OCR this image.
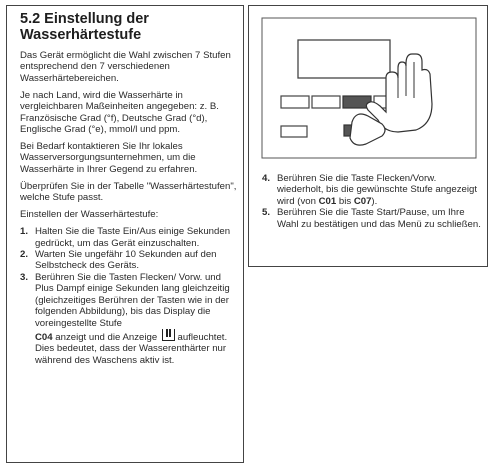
5.2 Einstellung der Wasserhärtestufe

Das Gerät ermöglicht die Wahl zwischen 7 Stufen entsprechend den 7 verschiedenen Wasserhärtebereichen.

Je nach Land, wird die Wasserhärte in vergleichbaren Maßeinheiten angegeben: z. B. Französische Grad (°f), Deutsche Grad (°d), Englische Grad (°e), mmol/l und ppm.

Bei Bedarf kontaktieren Sie Ihr lokales Wasserversorgungsunternehmen, um die Wasserhärte in Ihrer Gegend zu erfahren.

Überprüfen Sie in der Tabelle "Wasserhärtestufen", welche Stufe passt.

Einstellen der Wasserhärtestufe:

1. Halten Sie die Taste Ein/Aus einige Sekunden gedrückt, um das Gerät einzuschalten.
2. Warten Sie ungefähr 10 Sekunden auf den Selbstcheck des Geräts.
3. Berühren Sie die Tasten Flecken/ Vorw. und Plus Dampf einige Sekunden lang gleichzeitig (gleichzeitiges Berühren der Tasten wie in der folgenden Abbildung), bis das Display die voreingestellte Stufe
C04 anzeigt und die Anzeige aufleuchtet. Dies bedeutet, dass der Wasserenthärter nur während des Waschens aktiv ist.
4. Berühren Sie die Taste Flecken/Vorw. wiederholt, bis die gewünschte Stufe angezeigt wird (von C01 bis C07).
5. Berühren Sie die Taste Start/Pause, um Ihre Wahl zu bestätigen und das Menü zu schließen.
